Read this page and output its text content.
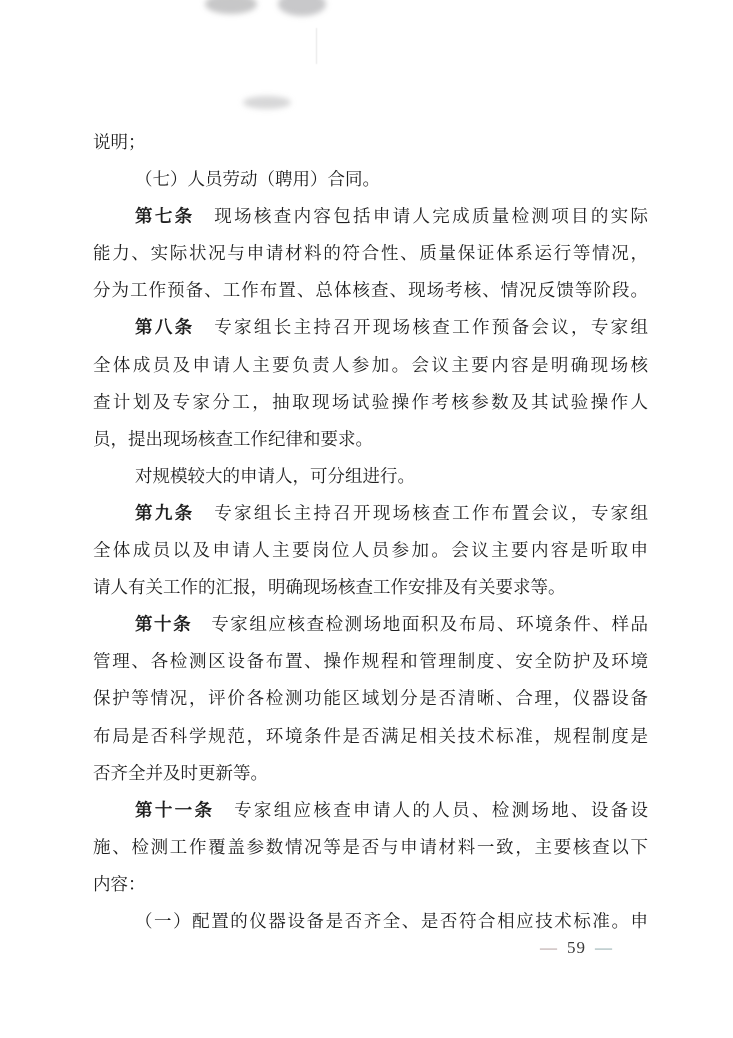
说明；
（七）人员劳动（聘用）合同。
第七条　现场核查内容包括申请人完成质量检测项目的实际
能力、实际状况与申请材料的符合性、质量保证体系运行等情况，
分为工作预备、工作布置、总体核查、现场考核、情况反馈等阶段。
第八条　专家组长主持召开现场核查工作预备会议，专家组
全体成员及申请人主要负责人参加。会议主要内容是明确现场核
查计划及专家分工，抽取现场试验操作考核参数及其试验操作人
员，提出现场核查工作纪律和要求。
对规模较大的申请人，可分组进行。
第九条　专家组长主持召开现场核查工作布置会议，专家组
全体成员以及申请人主要岗位人员参加。会议主要内容是听取申
请人有关工作的汇报，明确现场核查工作安排及有关要求等。
第十条　专家组应核查检测场地面积及布局、环境条件、样品
管理、各检测区设备布置、操作规程和管理制度、安全防护及环境
保护等情况，评价各检测功能区域划分是否清晰、合理，仪器设备
布局是否科学规范，环境条件是否满足相关技术标准，规程制度是
否齐全并及时更新等。
第十一条　专家组应核查申请人的人员、检测场地、设备设
施、检测工作覆盖参数情况等是否与申请材料一致，主要核查以下
内容：
（一）配置的仪器设备是否齐全、是否符合相应技术标准。申
— 59 —
